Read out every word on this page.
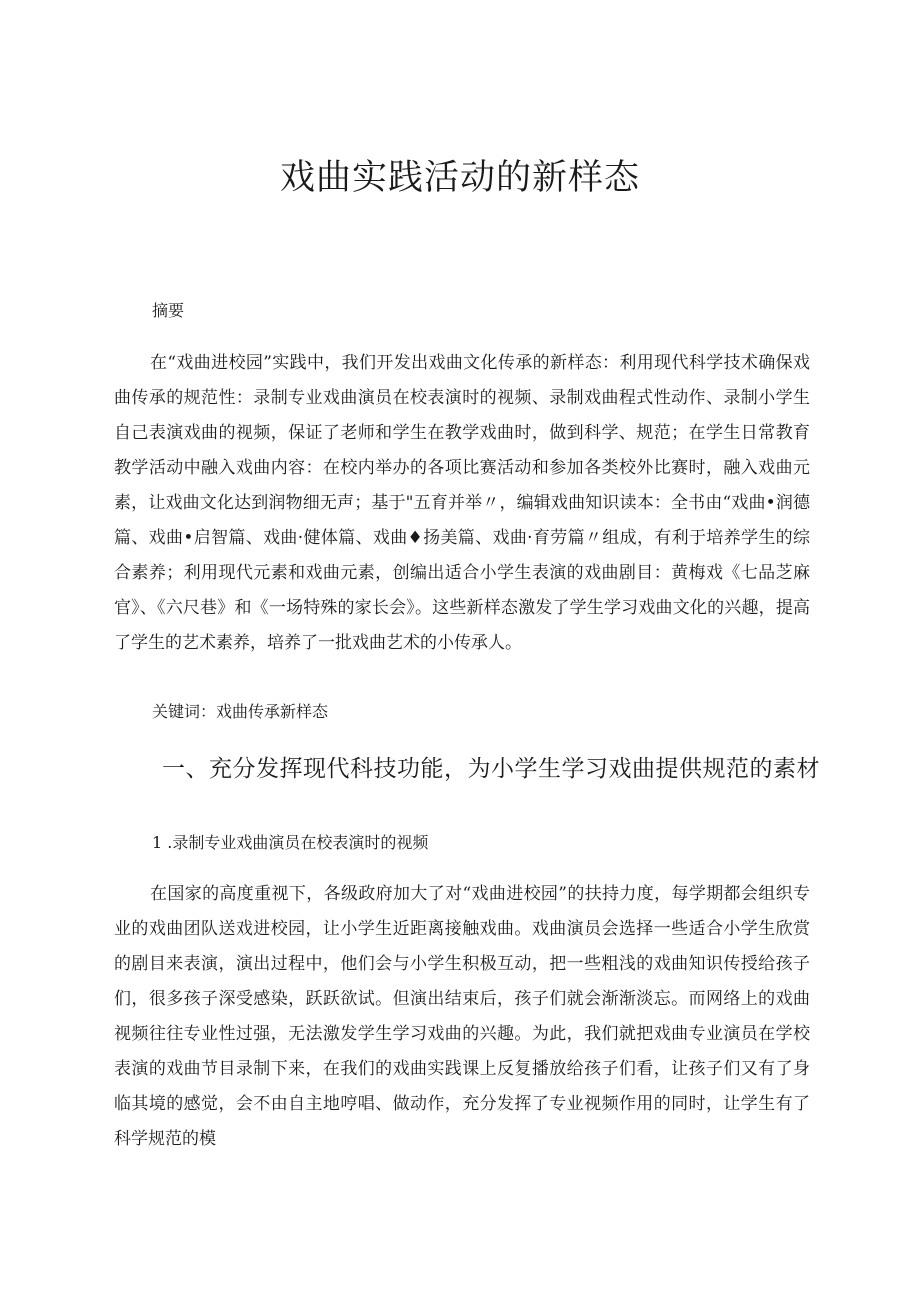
戏曲实践活动的新样态
摘要

在“戏曲进校园”实践中，我们开发出戏曲文化传承的新样态：利用现代科学技术确保戏曲传承的规范性：录制专业戏曲演员在校表演时的视频、录制戏曲程式性动作、录制小学生自己表演戏曲的视频，保证了老师和学生在教学戏曲时，做到科学、规范；在学生日常教育教学活动中融入戏曲内容：在校内举办的各项比赛活动和参加各类校外比赛时，融入戏曲元素，让戏曲文化达到润物细无声；基于"五育并举〃，编辑戏曲知识读本：全书由“戏曲•润德篇、戏曲•启智篇、戏曲·健体篇、戏曲♦扬美篇、戏曲·育劳篇〃组成，有利于培养学生的综合素养；利用现代元素和戏曲元素，创编出适合小学生表演的戏曲剧目：黄梅戏《七品芝麻官》、《六尺巷》和《一场特殊的家长会》。这些新样态激发了学生学习戏曲文化的兴趣，提高了学生的艺术素养，培养了一批戏曲艺术的小传承人。

关键词：戏曲传承新样态
一、充分发挥现代科技功能，为小学生学习戏曲提供规范的素材
1 .录制专业戏曲演员在校表演时的视频

在国家的高度重视下，各级政府加大了对“戏曲进校园”的扶持力度，每学期都会组织专业的戏曲团队送戏进校园，让小学生近距离接触戏曲。戏曲演员会选择一些适合小学生欣赏的剧目来表演，演出过程中，他们会与小学生积极互动，把一些粗浅的戏曲知识传授给孩子们，很多孩子深受感染，跃跃欲试。但演出结束后，孩子们就会渐渐淡忘。而网络上的戏曲视频往往专业性过强，无法激发学生学习戏曲的兴趣。为此，我们就把戏曲专业演员在学校表演的戏曲节目录制下来，在我们的戏曲实践课上反复播放给孩子们看，让孩子们又有了身临其境的感觉，会不由自主地哼唱、做动作，充分发挥了专业视频作用的同时，让学生有了科学规范的模
